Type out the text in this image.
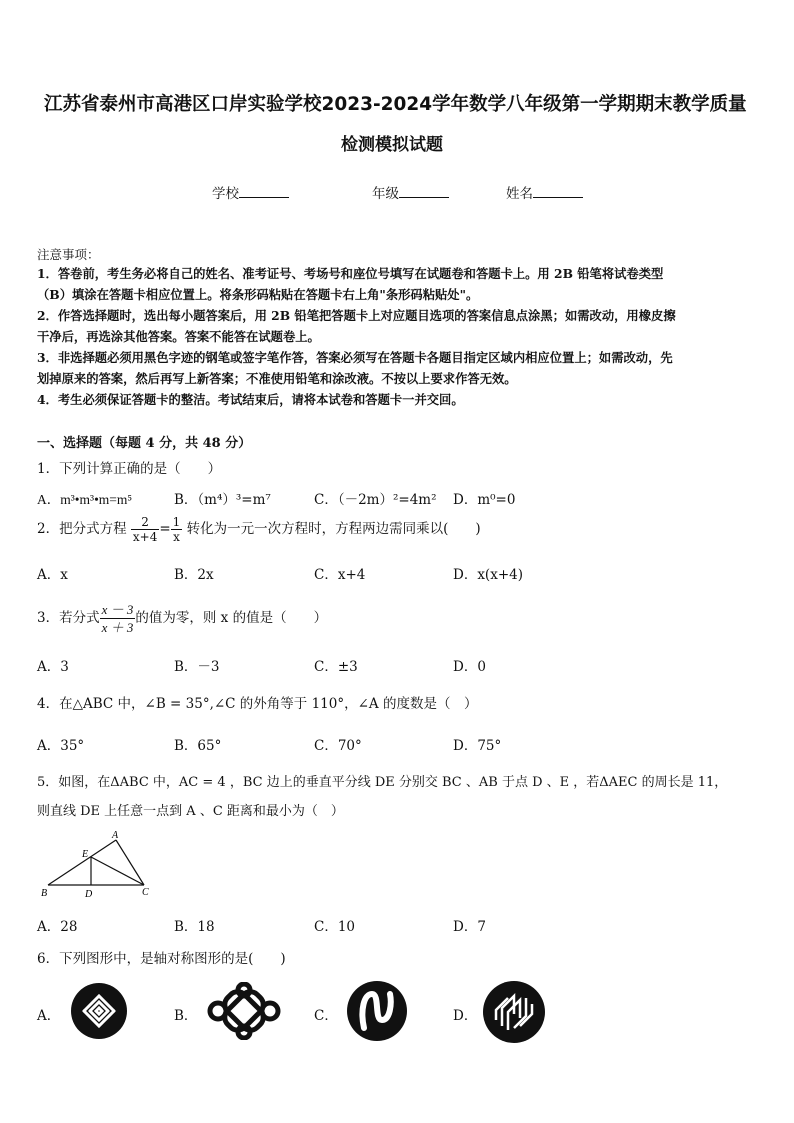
江苏省泰州市高港区口岸实验学校2023-2024学年数学八年级第一学期期末教学质量
检测模拟试题
学校	年级	姓名
注意事项：
1．答卷前，考生务必将自己的姓名、准考证号、考场号和座位号填写在试题卷和答题卡上。用 2B 铅笔将试卷类型
（B）填涂在答题卡相应位置上。将条形码粘贴在答题卡右上角"条形码粘贴处"。
2．作答选择题时，选出每小题答案后，用 2B 铅笔把答题卡上对应题目选项的答案信息点涂黑；如需改动，用橡皮擦
干净后，再选涂其他答案。答案不能答在试题卷上。
3．非选择题必须用黑色字迹的钢笔或签字笔作答，答案必须写在答题卡各题目指定区域内相应位置上；如需改动，先
划掉原来的答案，然后再写上新答案；不准使用铅笔和涂改液。不按以上要求作答无效。
4．考生必须保证答题卡的整洁。考试结束后，请将本试卷和答题卡一并交回。
一、选择题（每题 4 分，共 48 分）
1．下列计算正确的是（　　）
A．m³•m³•m=m⁵	B．（m⁴）³=m⁷	C．（－2m）²=4m² D．m⁰=0
2．把分式方程 $\frac{2}{x+4} = \frac{1}{x}$ 转化为一元一次方程时，方程两边需同乘以(　　)
A．x	B．2x	C．x+4	D．x(x+4)
3．若分式 $\frac{x - 3}{x + 3}$ 的值为零，则 x 的值是（　　）
A．3	B．－3	C．±3	D．0
4．在△ABC 中，∠B = 35°,∠C 的外角等于 110°，∠A 的度数是（　）
A．35°	B．65°	C．70°	D．75°
5．如图，在ΔABC 中，AC = 4 ，BC 边上的垂直平分线 DE 分别交 BC 、AB 于点 D 、E ，若ΔAEC 的周长是 11，
则直线 DE 上任意一点到 A 、C 距离和最小为（　）
A
E
B	D	C
A．28	B．18	C．10	D．7
6．下列图形中，是轴对称图形的是(　　)
A．	B．	C．	D．
